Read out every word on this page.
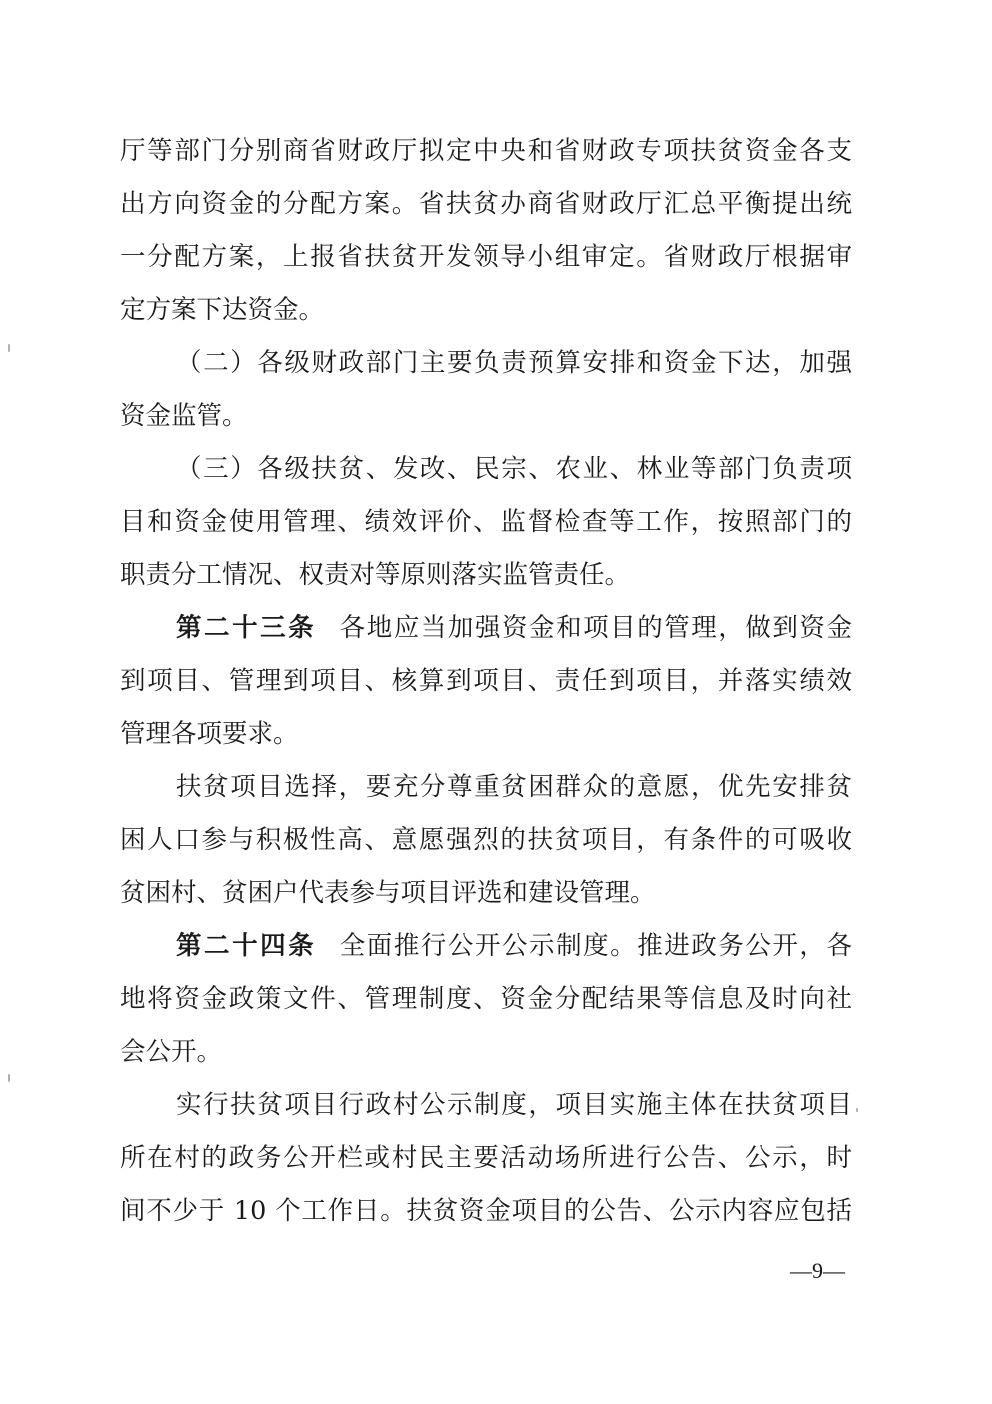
厅等部门分别商省财政厅拟定中央和省财政专项扶贫资金各支
出方向资金的分配方案。省扶贫办商省财政厅汇总平衡提出统
一分配方案，上报省扶贫开发领导小组审定。省财政厅根据审
定方案下达资金。
（二）各级财政部门主要负责预算安排和资金下达，加强
资金监管。
（三）各级扶贫、发改、民宗、农业、林业等部门负责项
目和资金使用管理、绩效评价、监督检查等工作，按照部门的
职责分工情况、权责对等原则落实监管责任。
第二十三条 各地应当加强资金和项目的管理，做到资金
到项目、管理到项目、核算到项目、责任到项目，并落实绩效
管理各项要求。
扶贫项目选择，要充分尊重贫困群众的意愿，优先安排贫
困人口参与积极性高、意愿强烈的扶贫项目，有条件的可吸收
贫困村、贫困户代表参与项目评选和建设管理。
第二十四条 全面推行公开公示制度。推进政务公开，各
地将资金政策文件、管理制度、资金分配结果等信息及时向社
会公开。
实行扶贫项目行政村公示制度，项目实施主体在扶贫项目
所在村的政务公开栏或村民主要活动场所进行公告、公示，时
间不少于 10 个工作日。扶贫资金项目的公告、公示内容应包括
—9—
